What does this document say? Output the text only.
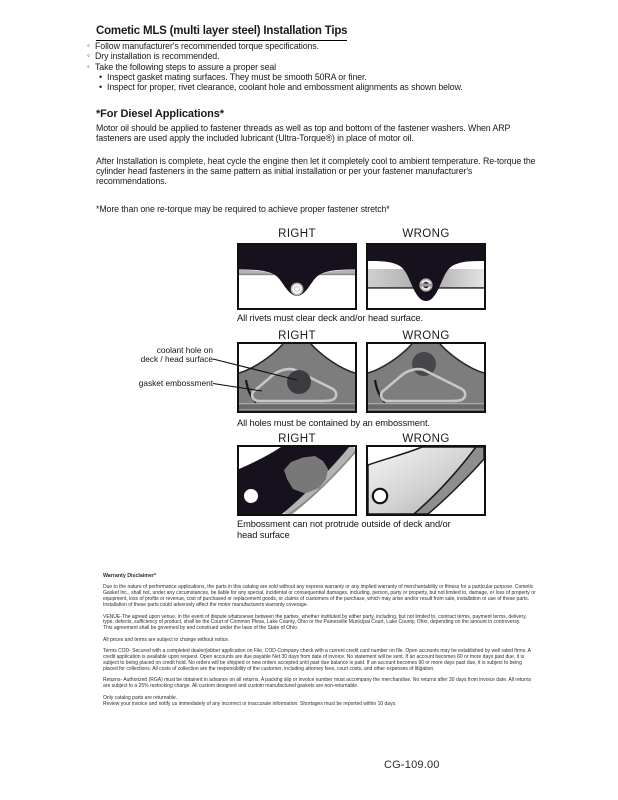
Cometic MLS (multi layer steel) Installation Tips
◦ Follow manufacturer's recommended torque specifications.
◦ Dry installation is recommended.
◦ Take the following steps to assure a proper seal
• Inspect gasket mating surfaces. They must be smooth 50RA or finer.
• Inspect for proper, rivet clearance, coolant hole and embossment alignments as shown below.
*For Diesel Applications*
Motor oil should be applied to fastener threads as well as top and bottom of the fastener washers. When ARP fasteners are used apply the included lubricant (Ultra-Torque®) in place of motor oil.
After Installation is complete, heat cycle the engine then let it completely cool to ambient temperature. Re-torque the cylinder head fasteners in the same pattern as initial installation or per your fastener manufacturer's recommendations.
*More than one re-torque may be required to achieve proper fastener stretch*
RIGHT	WRONG
All rivets must clear deck and/or head surface.
RIGHT	WRONG
coolant hole on
deck / head surface
gasket embossment
All holes must be contained by an embossment.
RIGHT	WRONG
Embossment can not protrude outside of deck and/or head surface
Warranty Disclaimer*

Due to the nature of performance applications, the parts in this catalog are sold without any express warranty or any implied warranty of merchantability or fitness for a particular purpose. Cometic Gasket Inc., shall not, under any circumstances, be liable for any special, incidental or consequential damages, including, person, party or property, but not limited to, damage, or loss of property or equipment, loss of profits or revenue, cost of purchased or replacement goods, or claims of customers of the purchase, which may arise and/or result from sale, installation or use of these parts. Installation of these parts could adversely affect the motor manufacturers warranty coverage.

VENUE-The agreed upon venue, in the event of dispute whatsoever between the parties, whether instituted by either party, including, but not limited to, contract terms, payment terms, delivery, type, defects, sufficiency of product, shall be the Court of Common Pleas, Lake County, Ohio or the Painesville Municipal Court, Lake County, Ohio, depending on the amount in controversy.

This agreement shall be governed by and construed under the laws of the State of Ohio.

All prices and terms are subject to change without notice.

Terms COD- Secured with a completed dealer/jobber application on File, COD-Company check with a current credit card number on file. Open accounts may be established by well rated firms. A credit application is available upon request. Open accounts are due payable Net 30 days from date of invoice. No statement will be sent. If an account becomes 60 or more days past due, it is subject to being placed on credit hold. No orders will be shipped or new orders accepted until past due balance is paid. If an account becomes 90 or more days past due, it is subject to being placed for collections. All costs of collection are the responsibility of the customer, including attorney fees, court costs, and other expenses of litigation.

Returns- Authorized (RGA) must be obtained in advance on all returns. A packing slip or invoice number must accompany the merchandise. No returns after 30 days from invoice date. All returns are subject to a 25% restocking charge. All custom designed and custom manufactured gaskets are non-returnable.

Only catalog parts are returnable.

Review your invoice and notify us immediately of any incorrect or inaccurate information. Shortages must be reported within 10 days.

CG-109.00
